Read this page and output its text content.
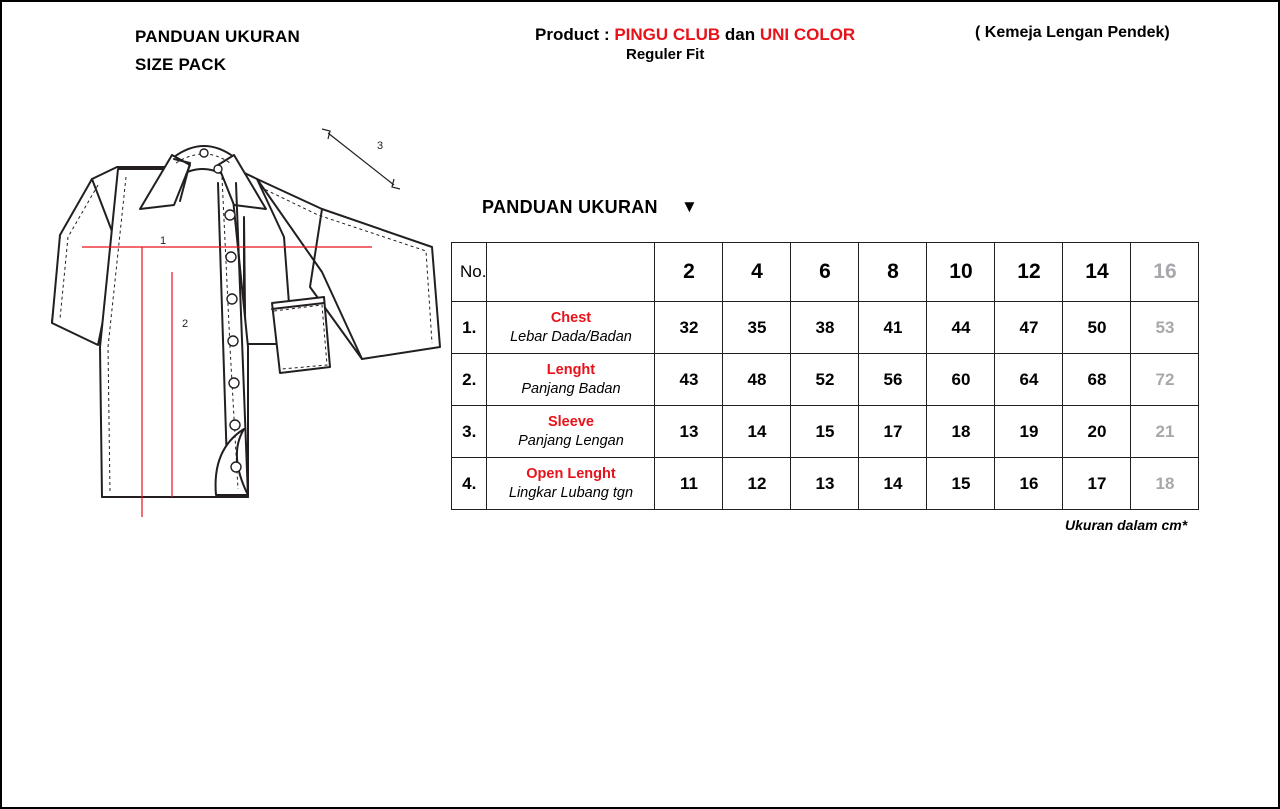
PANDUAN UKURAN
SIZE PACK
Product : PINGU CLUB dan UNI COLOR
Reguler Fit
( Kemeja Lengan Pendek)
3
1
2
PANDUAN UKURAN ▼
No.		2	4	6	8	10	12	14	16
1.	Chest
Lebar Dada/Badan	32	35	38	41	44	47	50	53
2.	Lenght
Panjang Badan	43	48	52	56	60	64	68	72
3.	Sleeve
Panjang Lengan	13	14	15	17	18	19	20	21
4.	Open Lenght
Lingkar Lubang tgn	11	12	13	14	15	16	17	18
Ukuran dalam cm*
